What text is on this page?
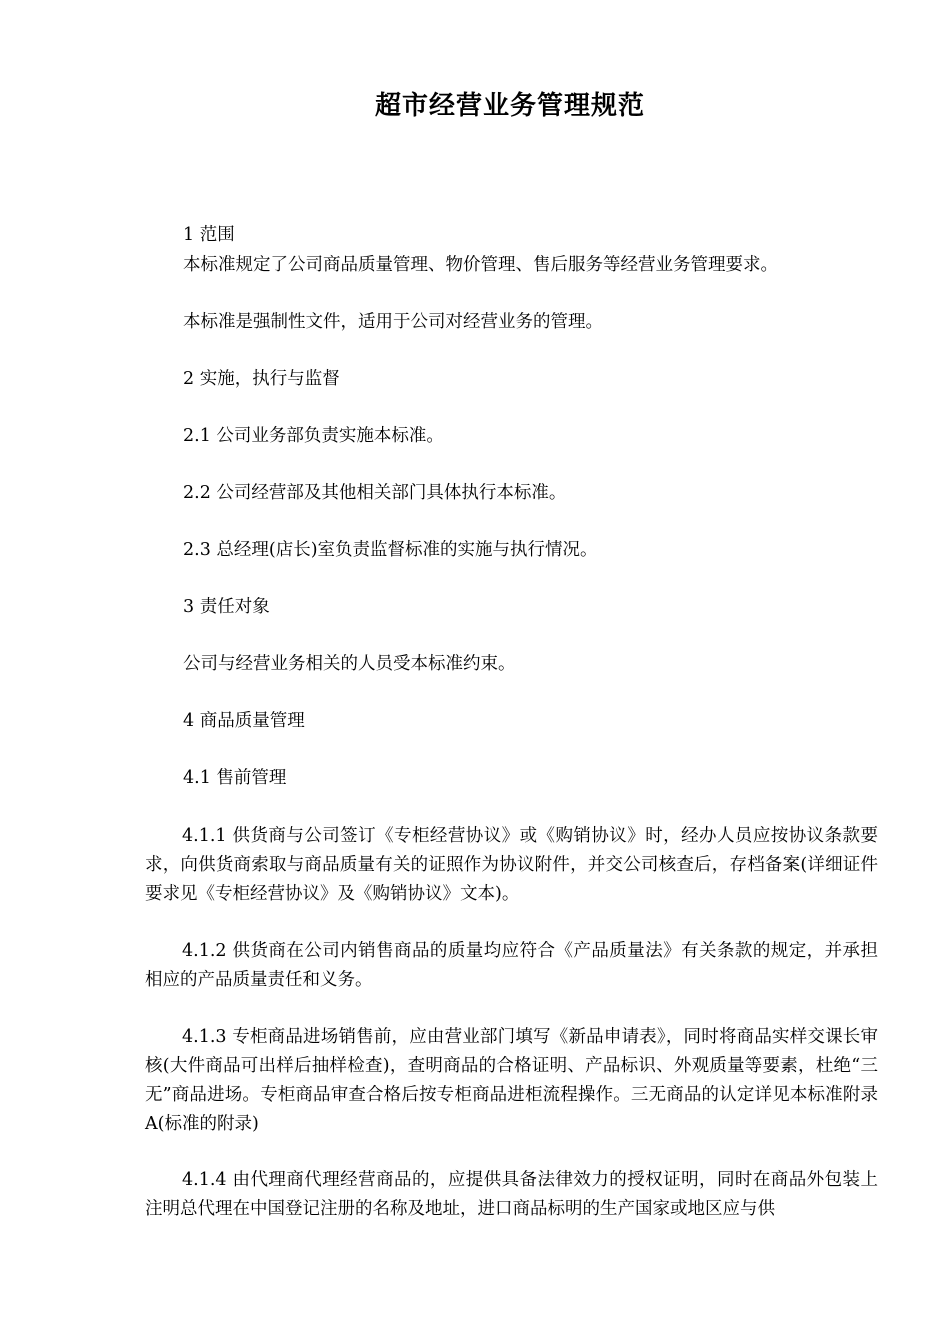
超市经营业务管理规范

1 范围

本标准规定了公司商品质量管理、物价管理、售后服务等经营业务管理要求。

本标准是强制性文件，适用于公司对经营业务的管理。

2 实施，执行与监督

2.1 公司业务部负责实施本标准。

2.2 公司经营部及其他相关部门具体执行本标准。

2.3 总经理(店长)室负责监督标准的实施与执行情况。

3 责任对象

公司与经营业务相关的人员受本标准约束。

4 商品质量管理

4.1 售前管理

4.1.1 供货商与公司签订《专柜经营协议》或《购销协议》时，经办人员应按协议条款要求，向供货商索取与商品质量有关的证照作为协议附件，并交公司核查后，存档备案(详细证件要求见《专柜经营协议》及《购销协议》文本)。

4.1.2 供货商在公司内销售商品的质量均应符合《产品质量法》有关条款的规定，并承担相应的产品质量责任和义务。

4.1.3 专柜商品进场销售前，应由营业部门填写《新品申请表》，同时将商品实样交课长审核(大件商品可出样后抽样检查)，查明商品的合格证明、产品标识、外观质量等要素，杜绝“三无”商品进场。专柜商品审查合格后按专柜商品进柜流程操作。三无商品的认定详见本标准附录 A(标准的附录)

4.1.4 由代理商代理经营商品的，应提供具备法律效力的授权证明，同时在商品外包装上注明总代理在中国登记注册的名称及地址，进口商品标明的生产国家或地区应与供
